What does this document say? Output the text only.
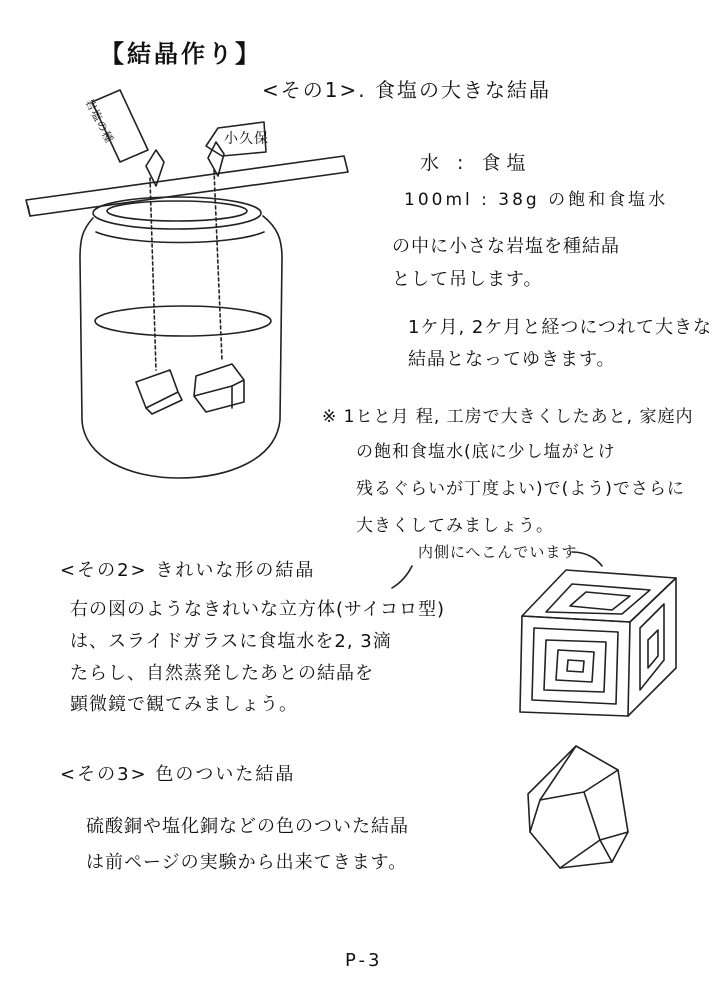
【結晶作り】
岩塩の種	小久保
<その1>. 食塩の大きな結晶
水 : 食塩
100ml : 38g の飽和食塩水
の中に小さな岩塩を種結晶
として吊します。
1ケ月, 2ケ月と経つにつれて大きな
結晶となってゆきます。
※ 1ヒと月 程, 工房で大きくしたあと, 家庭内
の飽和食塩水(底に少し塩がとけ
残るぐらいが丁度よい)で(よう)でさらに
大きくしてみましょう。
<その2> きれいな形の結晶
内側にへこんでいます
右の図のようなきれいな立方体(サイコロ型)
は、スライドガラスに食塩水を2, 3滴
たらし、自然蒸発したあとの結晶を
顕微鏡で観てみましょう。
<その3> 色のついた結晶
硫酸銅や塩化銅などの色のついた結晶
は前ページの実験から出来てきます。
P-3
